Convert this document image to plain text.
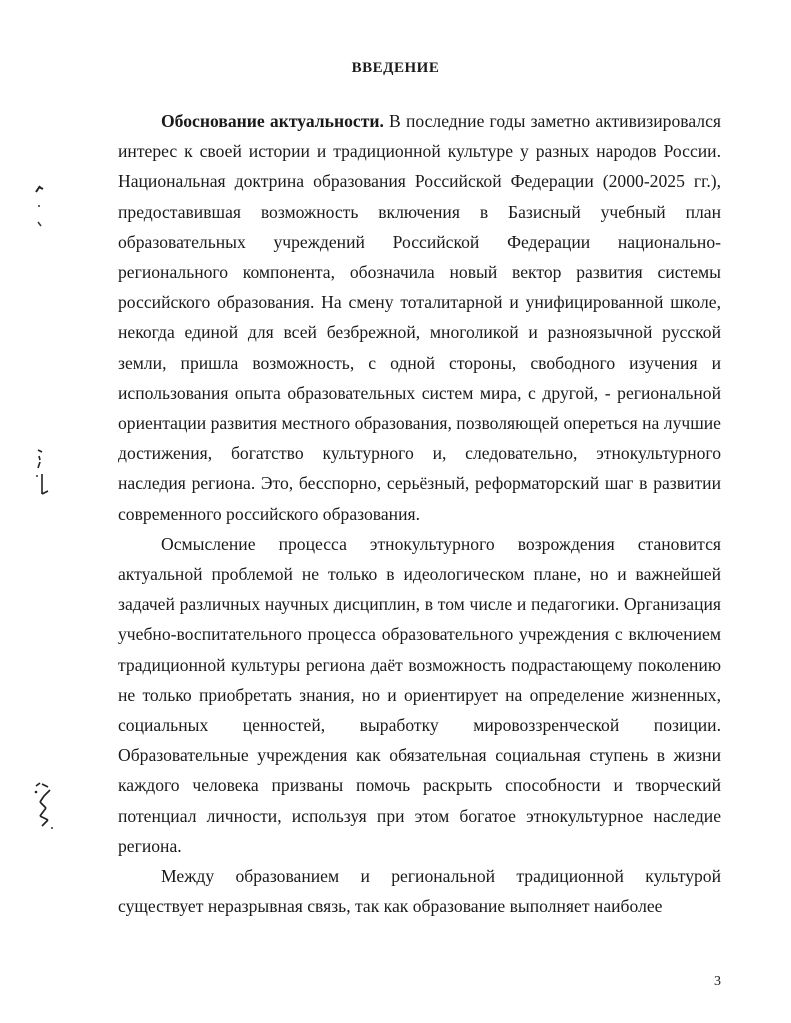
ВВЕДЕНИЕ

Обоснование актуальности. В последние годы заметно активизировался интерес к своей истории и традиционной культуре у разных народов России. Национальная доктрина образования Российской Федерации (2000-2025 гг.), предоставившая возможность включения в Базисный учебный план образовательных учреждений Российской Федерации национально-регионального компонента, обозначила новый вектор развития системы российского образования. На смену тоталитарной и унифицированной школе, некогда единой для всей безбрежной, многоликой и разноязычной русской земли, пришла возможность, с одной стороны, свободного изучения и использования опыта образовательных систем мира, с другой, - региональной ориентации развития местного образования, позволяющей опереться на лучшие достижения, богатство культурного и, следовательно, этнокультурного наследия региона. Это, бесспорно, серьёзный, реформаторский шаг в развитии современного российского образования.

Осмысление процесса этнокультурного возрождения становится актуальной проблемой не только в идеологическом плане, но и важнейшей задачей различных научных дисциплин, в том числе и педагогики. Организация учебно-воспитательного процесса образовательного учреждения с включением традиционной культуры региона даёт возможность подрастающему поколению не только приобретать знания, но и ориентирует на определение жизненных, социальных ценностей, выработку мировоззренческой позиции. Образовательные учреждения как обязательная социальная ступень в жизни каждого человека призваны помочь раскрыть способности и творческий потенциал личности, используя при этом богатое этнокультурное наследие региона.

Между образованием и региональной традиционной культурой существует неразрывная связь, так как образование выполняет наиболее

3
